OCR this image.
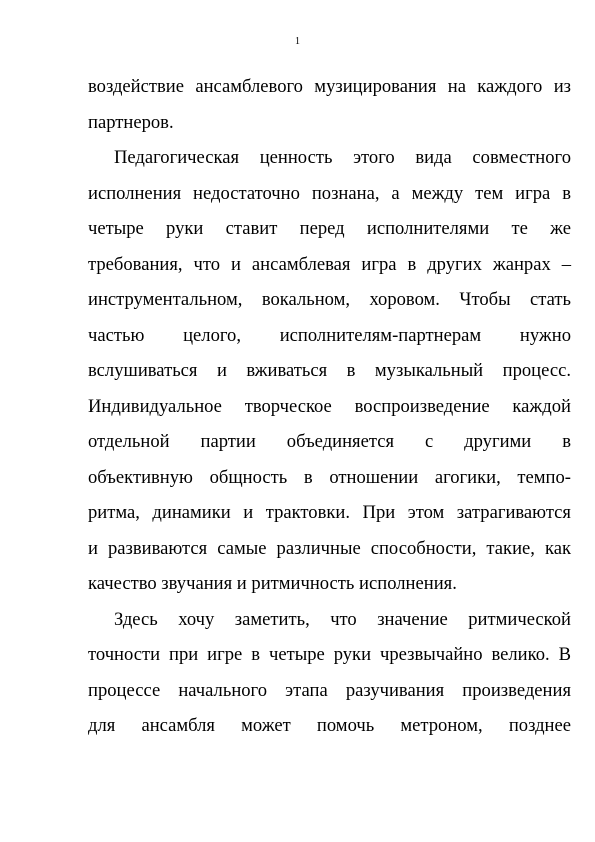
1
воздействие ансамблевого музицирования на каждого из
партнеров.
Педагогическая ценность этого вида совместного
исполнения недостаточно познана, а между тем игра в
четыре руки ставит перед исполнителями те же
требования, что и ансамблевая игра в других жанрах –
инструментальном, вокальном, хоровом. Чтобы стать
частью целого, исполнителям-партнерам нужно
вслушиваться и вживаться в музыкальный процесс.
Индивидуальное творческое воспроизведение каждой
отдельной партии объединяется с другими в
объективную общность в отношении агогики, темпо-
ритма, динамики и трактовки. При этом затрагиваются
и развиваются самые различные способности, такие, как
качество звучания и ритмичность исполнения.
Здесь хочу заметить, что значение ритмической
точности при игре в четыре руки чрезвычайно велико. В
процессе начального этапа разучивания произведения
для ансамбля может помочь метроном, позднее
